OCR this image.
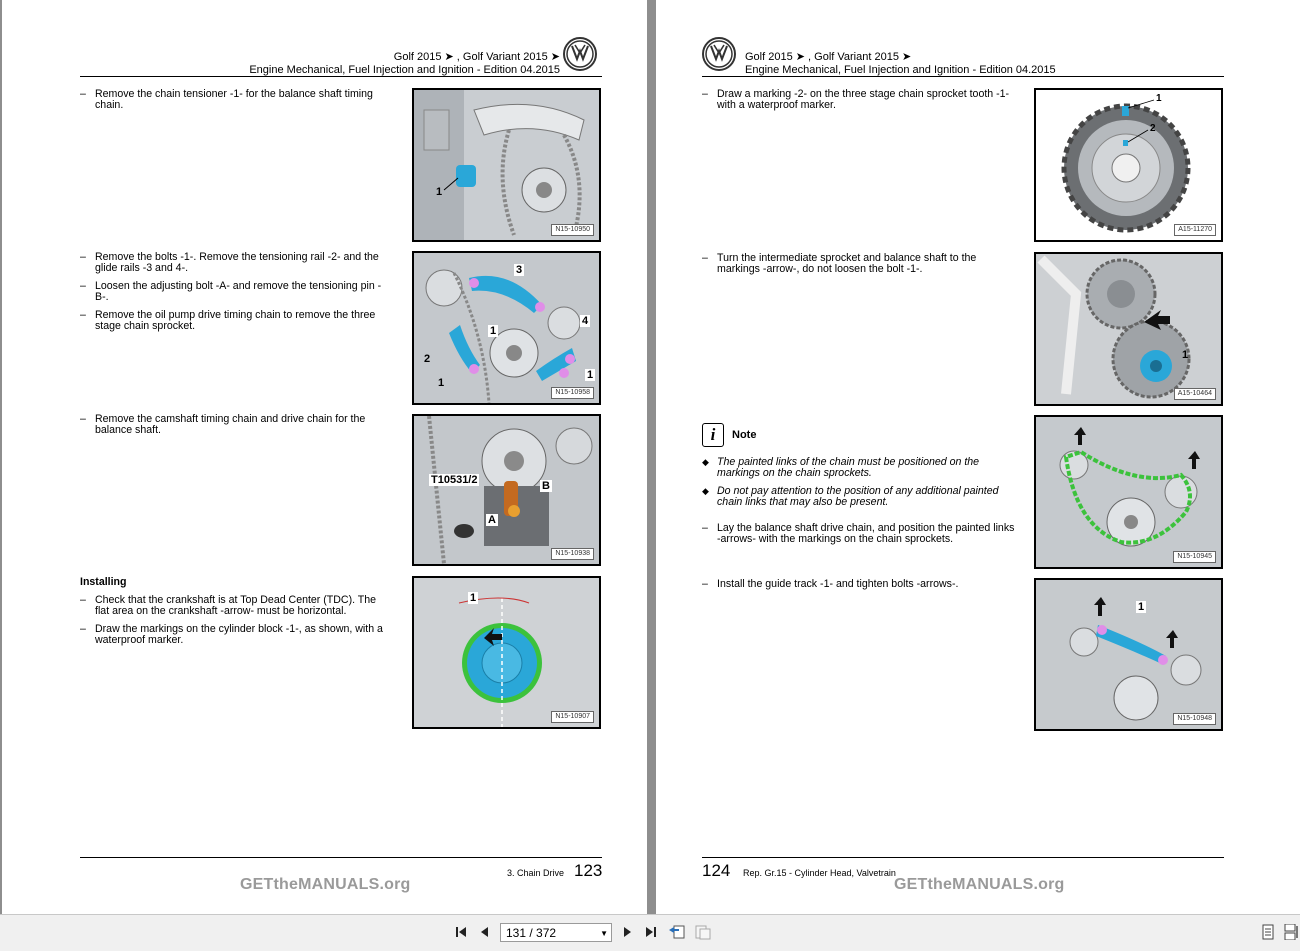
Golf 2015 ➤ , Golf Variant 2015 ➤
Engine Mechanical, Fuel Injection and Ignition - Edition 04.2015
– Remove the chain tensioner -1- for the balance shaft timing chain.
1
N15-10950
– Remove the bolts -1-. Remove the tensioning rail -2- and the glide rails -3 and 4-.
– Loosen the adjusting bolt -A- and remove the tensioning pin -B-.
– Remove the oil pump drive timing chain to remove the three stage chain sprocket.	1
2
3
4
1
1
N15-10958
– Remove the camshaft timing chain and drive chain for the balance shaft.
T10531/2
A
B
N15-10938
Installing
– Check that the crankshaft is at Top Dead Center (TDC). The flat area on the crankshaft -arrow- must be horizontal.
– Draw the markings on the cylinder block -1-, as shown, with a waterproof marker.
1
N15-10907
3. Chain Drive 123
GETtheMANUALS.org
Golf 2015 ➤ , Golf Variant 2015 ➤
Engine Mechanical, Fuel Injection and Ignition - Edition 04.2015
– Draw a marking -2- on the three stage chain sprocket tooth -1- with a waterproof marker.
1
2
A15-11270
– Turn the intermediate sprocket and balance shaft to the markings -arrow-, do not loosen the bolt -1-.
1
A15-10464
i	Note
◆ The painted links of the chain must be positioned on the markings on the chain sprockets.
◆ Do not pay attention to the position of any additional painted chain links that may also be present.
– Lay the balance shaft drive chain, and position the painted links -arrows- with the markings on the chain sprockets.
N15-10945
– Install the guide track -1- and tighten bolts -arrows-.
1
N15-10948
124 Rep. Gr.15 - Cylinder Head, Valvetrain
GETtheMANUALS.org
131 / 372	▼
